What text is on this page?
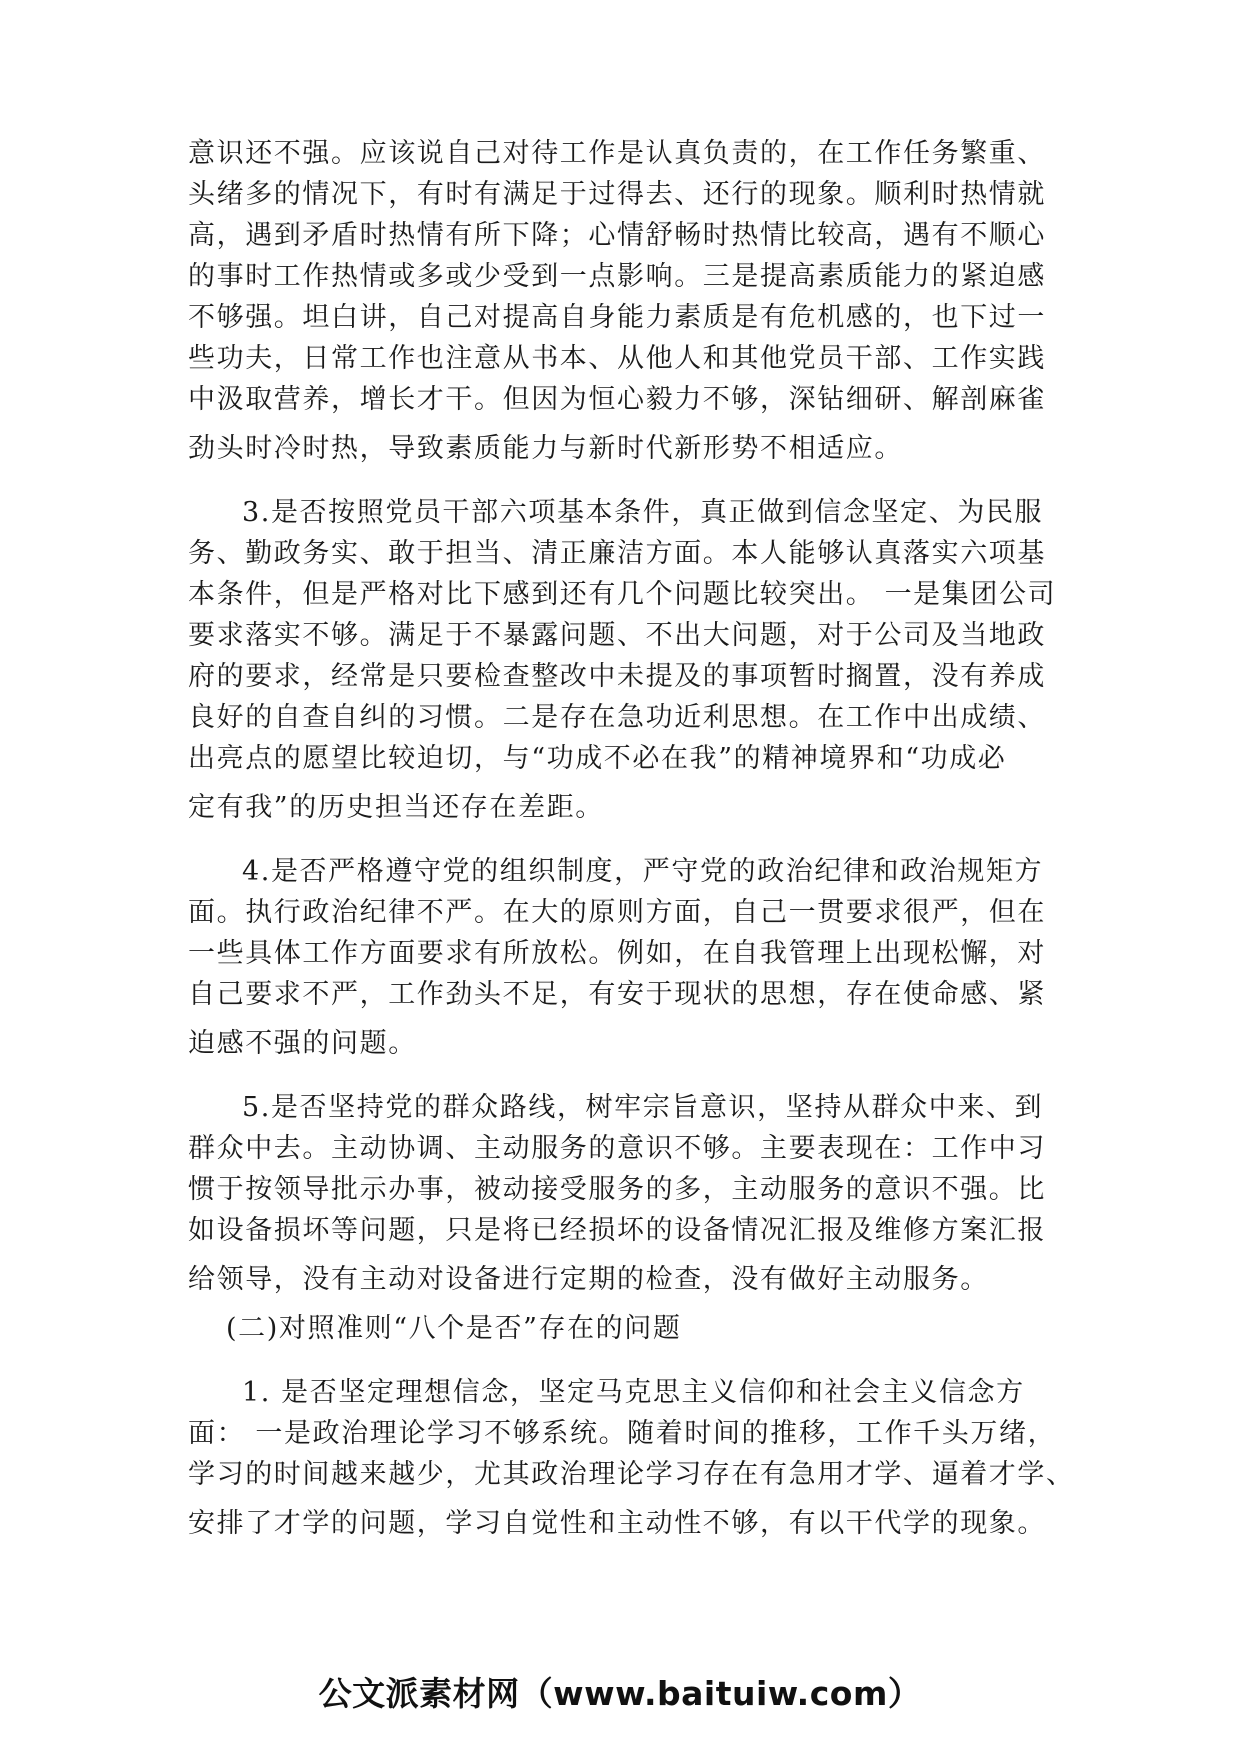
意识还不强。应该说自己对待工作是认真负责的，在工作任务繁重、
头绪多的情况下，有时有满足于过得去、还行的现象。顺利时热情就
高，遇到矛盾时热情有所下降；心情舒畅时热情比较高，遇有不顺心
的事时工作热情或多或少受到一点影响。三是提高素质能力的紧迫感
不够强。坦白讲，自己对提高自身能力素质是有危机感的，也下过一
些功夫，日常工作也注意从书本、从他人和其他党员干部、工作实践
中汲取营养，增长才干。但因为恒心毅力不够，深钻细研、解剖麻雀
劲头时冷时热，导致素质能力与新时代新形势不相适应。
3.是否按照党员干部六项基本条件，真正做到信念坚定、为民服
务、勤政务实、敢于担当、清正廉洁方面。本人能够认真落实六项基
本条件，但是严格对比下感到还有几个问题比较突出。 一是集团公司
要求落实不够。满足于不暴露问题、不出大问题，对于公司及当地政
府的要求，经常是只要检查整改中未提及的事项暂时搁置，没有养成
良好的自查自纠的习惯。二是存在急功近利思想。在工作中出成绩、
出亮点的愿望比较迫切，与“功成不必在我”的精神境界和“功成必
定有我”的历史担当还存在差距。
4.是否严格遵守党的组织制度，严守党的政治纪律和政治规矩方
面。执行政治纪律不严。在大的原则方面，自己一贯要求很严，但在
一些具体工作方面要求有所放松。例如，在自我管理上出现松懈，对
自己要求不严，工作劲头不足，有安于现状的思想，存在使命感、紧
迫感不强的问题。
5.是否坚持党的群众路线，树牢宗旨意识，坚持从群众中来、到
群众中去。主动协调、主动服务的意识不够。主要表现在：工作中习
惯于按领导批示办事，被动接受服务的多，主动服务的意识不强。比
如设备损坏等问题，只是将已经损坏的设备情况汇报及维修方案汇报
给领导，没有主动对设备进行定期的检查，没有做好主动服务。
(二)对照准则“八个是否”存在的问题
1. 是否坚定理想信念，坚定马克思主义信仰和社会主义信念方
面： 一是政治理论学习不够系统。随着时间的推移，工作千头万绪，
学习的时间越来越少，尤其政治理论学习存在有急用才学、逼着才学、
安排了才学的问题，学习自觉性和主动性不够，有以干代学的现象。
公文派素材网（www.baituiw.com）
